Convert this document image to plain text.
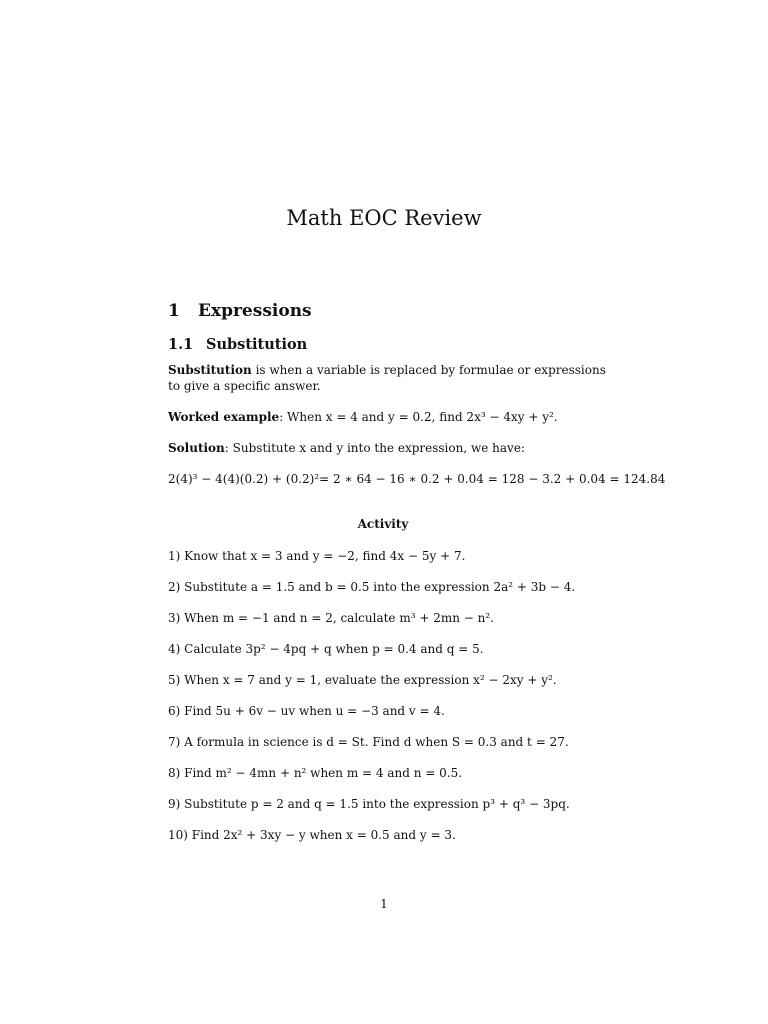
Math EOC Review
1 Expressions
1.1 Substitution

Substitution is when a variable is replaced by formulae or expressions to give a specific answer.

Worked example: When x = 4 and y = 0.2, find 2x³ − 4xy + y².

Solution: Substitute x and y into the expression, we have:

2(4)³ − 4(4)(0.2) + (0.2)²= 2 ∗ 64 − 16 ∗ 0.2 + 0.04 = 128 − 3.2 + 0.04 = 124.84

Activity

1) Know that x = 3 and y = −2, find 4x − 5y + 7.

2) Substitute a = 1.5 and b = 0.5 into the expression 2a² + 3b − 4.

3) When m = −1 and n = 2, calculate m³ + 2mn − n².

4) Calculate 3p² − 4pq + q when p = 0.4 and q = 5.

5) When x = 7 and y = 1, evaluate the expression x² − 2xy + y².

6) Find 5u + 6v − uv when u = −3 and v = 4.

7) A formula in science is d = St. Find d when S = 0.3 and t = 27.

8) Find m² − 4mn + n² when m = 4 and n = 0.5.

9) Substitute p = 2 and q = 1.5 into the expression p³ + q³ − 3pq.

10) Find 2x² + 3xy − y when x = 0.5 and y = 3.

1
